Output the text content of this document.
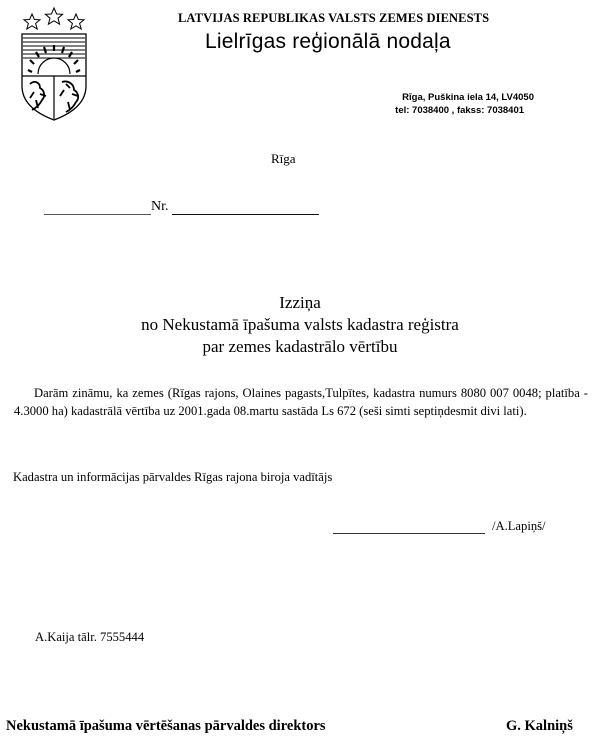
LATVIJAS REPUBLIKAS VALSTS ZEMES DIENESTS
Lielrīgas reģionālā nodaļa
Rīga, Puškina iela 14, LV4050
tel: 7038400 , fakss: 7038401
Rīga
Nr.
Izziņa
no Nekustamā īpašuma valsts kadastra reģistra
par zemes kadastrālo vērtību
Darām zināmu, ka zemes (Rīgas rajons, Olaines pagasts,Tulpītes, kadastra numurs 8080 007 0048; platība - 4.3000 ha) kadastrālā vērtība uz 2001.gada 08.martu sastāda Ls 672 (seši simti septiņdesmit divi lati).
Kadastra un informācijas pārvaldes Rīgas rajona biroja vadītājs
/A.Lapiņš/
A.Kaija tālr. 7555444
Nekustamā īpašuma vērtēšanas pārvaldes direktors	G. Kalniņš
